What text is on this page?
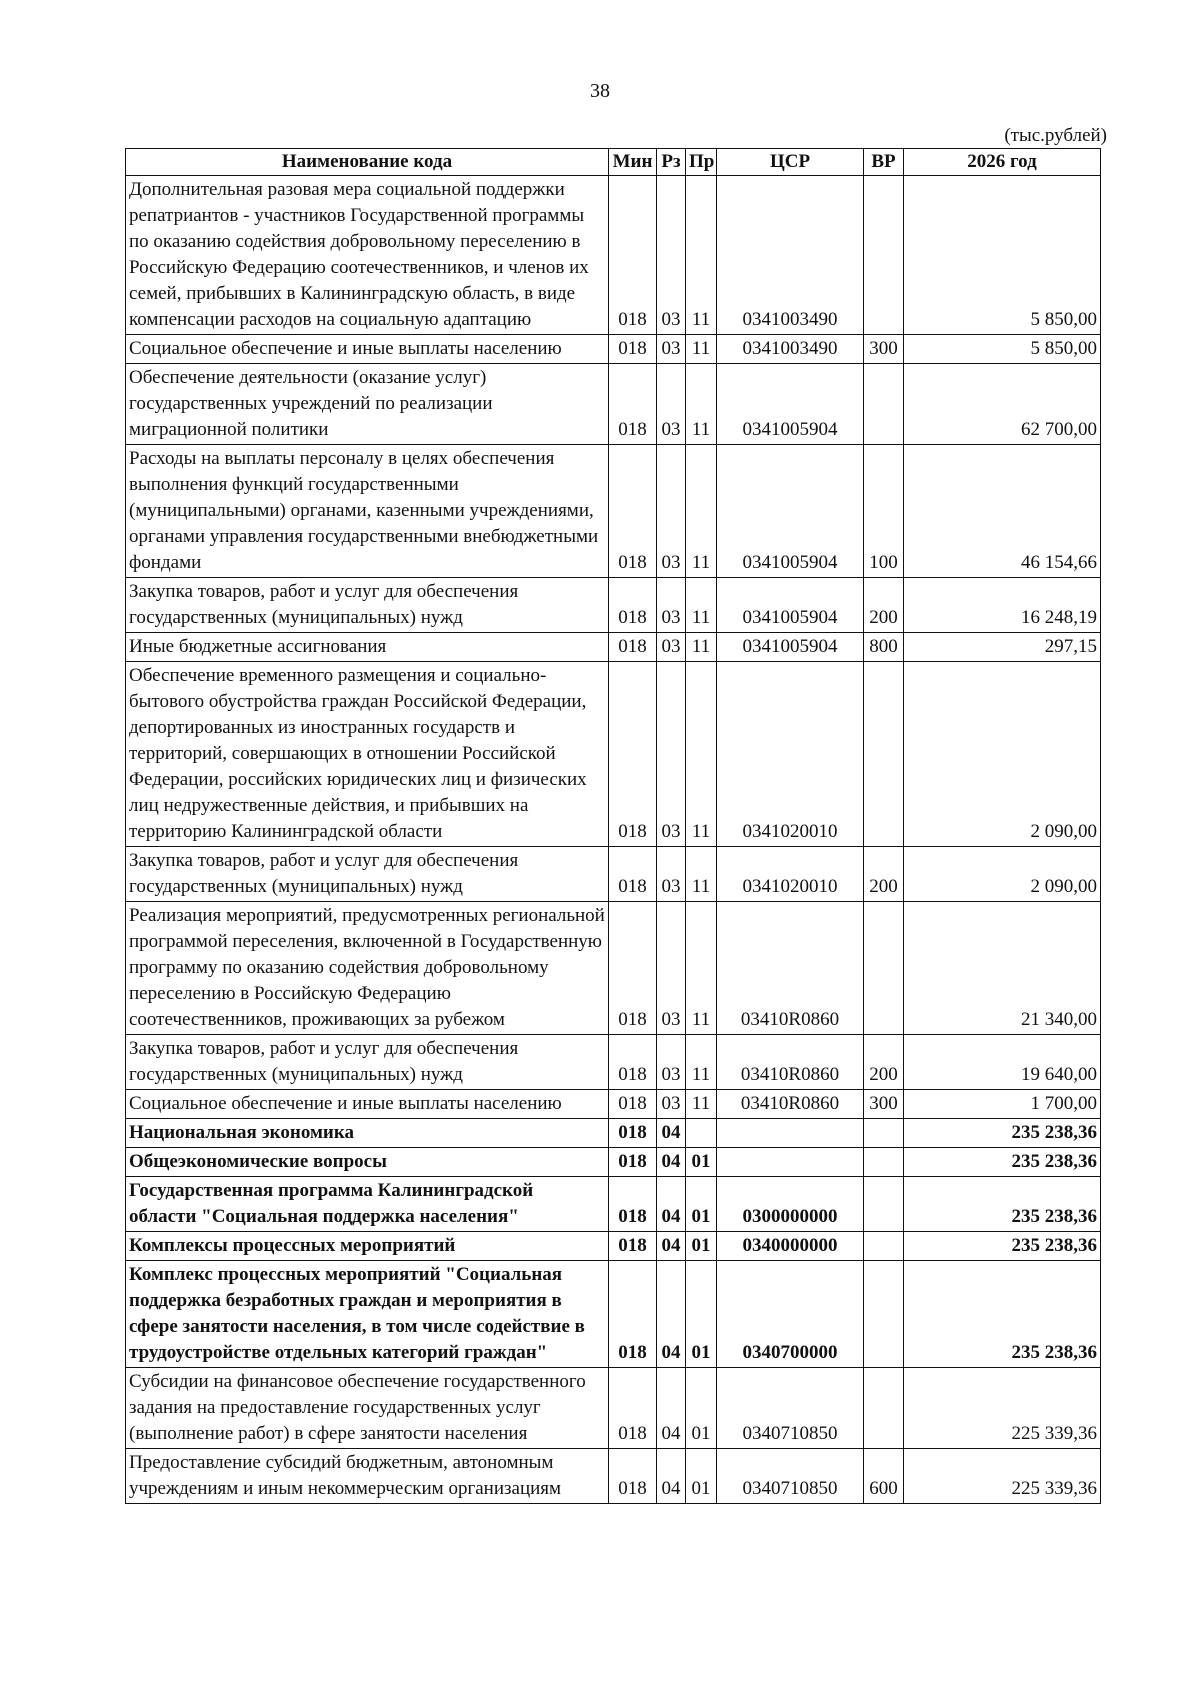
38
(тыс.рублей)
Наименование кода	Мин	Рз	Пр	ЦСР	ВР	2026 год
Дополнительная разовая мера социальной поддержки репатриантов - участников Государственной программы по оказанию содействия добровольному переселению в Российскую Федерацию соотечественников, и членов их семей, прибывших в Калининградскую область, в виде компенсации расходов на социальную адаптацию	018	03	11	0341003490		5 850,00
Социальное обеспечение и иные выплаты населению	018	03	11	0341003490	300	5 850,00
Обеспечение деятельности (оказание услуг) государственных учреждений по реализации миграционной политики	018	03	11	0341005904		62 700,00
Расходы на выплаты персоналу в целях обеспечения выполнения функций государственными (муниципальными) органами, казенными учреждениями, органами управления государственными внебюджетными фондами	018	03	11	0341005904	100	46 154,66
Закупка товаров, работ и услуг для обеспечения государственных (муниципальных) нужд	018	03	11	0341005904	200	16 248,19
Иные бюджетные ассигнования	018	03	11	0341005904	800	297,15
Обеспечение временного размещения и социально-бытового обустройства граждан Российской Федерации, депортированных из иностранных государств и территорий, совершающих в отношении Российской Федерации, российских юридических лиц и физических лиц недружественные действия, и прибывших на территорию Калининградской области	018	03	11	0341020010		2 090,00
Закупка товаров, работ и услуг для обеспечения государственных (муниципальных) нужд	018	03	11	0341020010	200	2 090,00
Реализация мероприятий, предусмотренных региональной программой переселения, включенной в Государственную программу по оказанию содействия добровольному переселению в Российскую Федерацию соотечественников, проживающих за рубежом	018	03	11	03410R0860		21 340,00
Закупка товаров, работ и услуг для обеспечения государственных (муниципальных) нужд	018	03	11	03410R0860	200	19 640,00
Социальное обеспечение и иные выплаты населению	018	03	11	03410R0860	300	1 700,00
Национальная экономика	018	04				235 238,36
Общеэкономические вопросы	018	04	01			235 238,36
Государственная программа Калининградской области "Социальная поддержка населения"	018	04	01	0300000000		235 238,36
Комплексы процессных мероприятий	018	04	01	0340000000		235 238,36
Комплекс процессных мероприятий "Социальная поддержка безработных граждан и мероприятия в сфере занятости населения, в том числе содействие в трудоустройстве отдельных категорий граждан"	018	04	01	0340700000		235 238,36
Субсидии на финансовое обеспечение государственного задания на предоставление государственных услуг (выполнение работ) в сфере занятости населения	018	04	01	0340710850		225 339,36
Предоставление субсидий бюджетным, автономным учреждениям и иным некоммерческим организациям	018	04	01	0340710850	600	225 339,36
